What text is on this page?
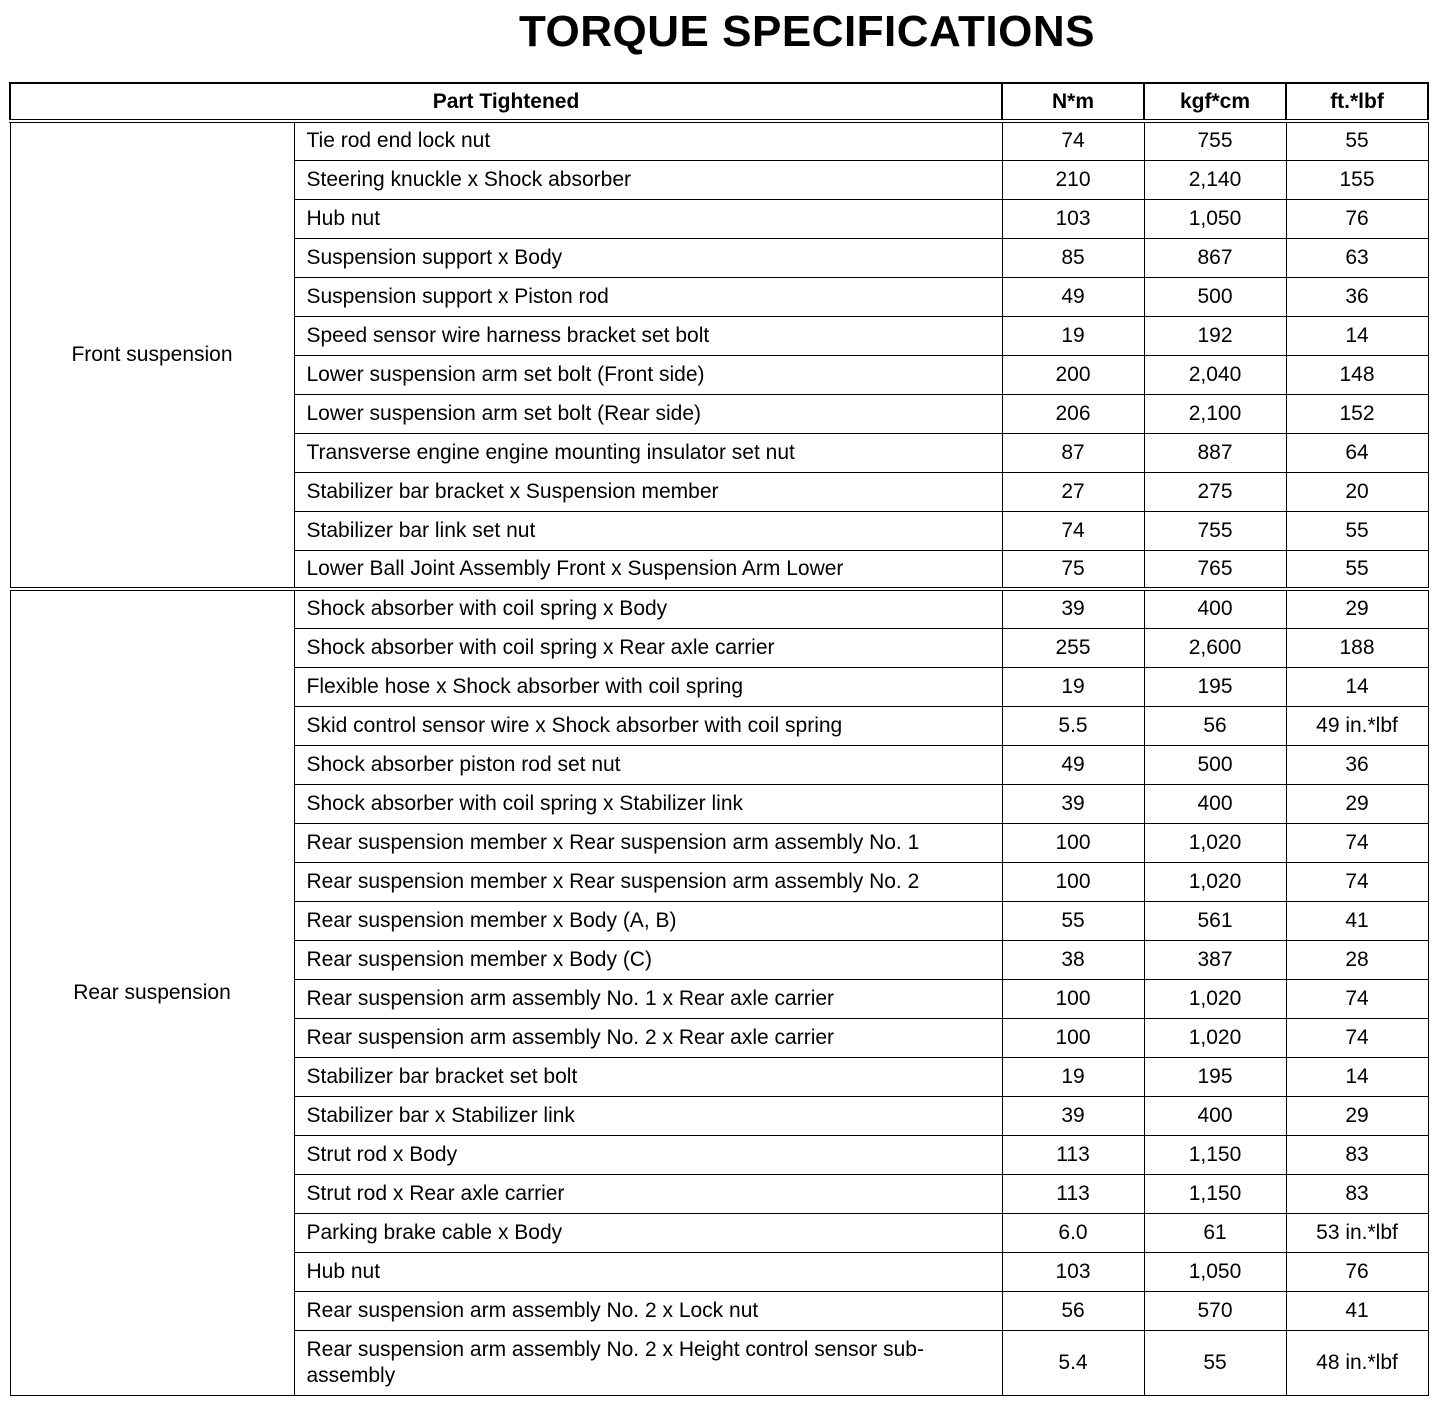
TORQUE SPECIFICATIONS
Part Tightened		N*m	kgf*cm	ft.*lbf
Front suspension	Tie rod end lock nut	74	755	55
	Steering knuckle x Shock absorber	210	2,140	155
	Hub nut	103	1,050	76
	Suspension support x Body	85	867	63
	Suspension support x Piston rod	49	500	36
	Speed sensor wire harness bracket set bolt	19	192	14
	Lower suspension arm set bolt (Front side)	200	2,040	148
	Lower suspension arm set bolt (Rear side)	206	2,100	152
	Transverse engine engine mounting insulator set nut	87	887	64
	Stabilizer bar bracket x Suspension member	27	275	20
	Stabilizer bar link set nut	74	755	55
	Lower Ball Joint Assembly Front x Suspension Arm Lower	75	765	55
Rear suspension	Shock absorber with coil spring x Body	39	400	29
	Shock absorber with coil spring x Rear axle carrier	255	2,600	188
	Flexible hose x Shock absorber with coil spring	19	195	14
	Skid control sensor wire x Shock absorber with coil spring	5.5	56	49 in.*lbf
	Shock absorber piston rod set nut	49	500	36
	Shock absorber with coil spring x Stabilizer link	39	400	29
	Rear suspension member x Rear suspension arm assembly No. 1	100	1,020	74
	Rear suspension member x Rear suspension arm assembly No. 2	100	1,020	74
	Rear suspension member x Body (A, B)	55	561	41
	Rear suspension member x Body (C)	38	387	28
	Rear suspension arm assembly No. 1 x Rear axle carrier	100	1,020	74
	Rear suspension arm assembly No. 2 x Rear axle carrier	100	1,020	74
	Stabilizer bar bracket set bolt	19	195	14
	Stabilizer bar x Stabilizer link	39	400	29
	Strut rod x Body	113	1,150	83
	Strut rod x Rear axle carrier	113	1,150	83
	Parking brake cable x Body	6.0	61	53 in.*lbf
	Hub nut	103	1,050	76
	Rear suspension arm assembly No. 2 x Lock nut	56	570	41
	Rear suspension arm assembly No. 2 x Height control sensor sub-assembly	5.4	55	48 in.*lbf
